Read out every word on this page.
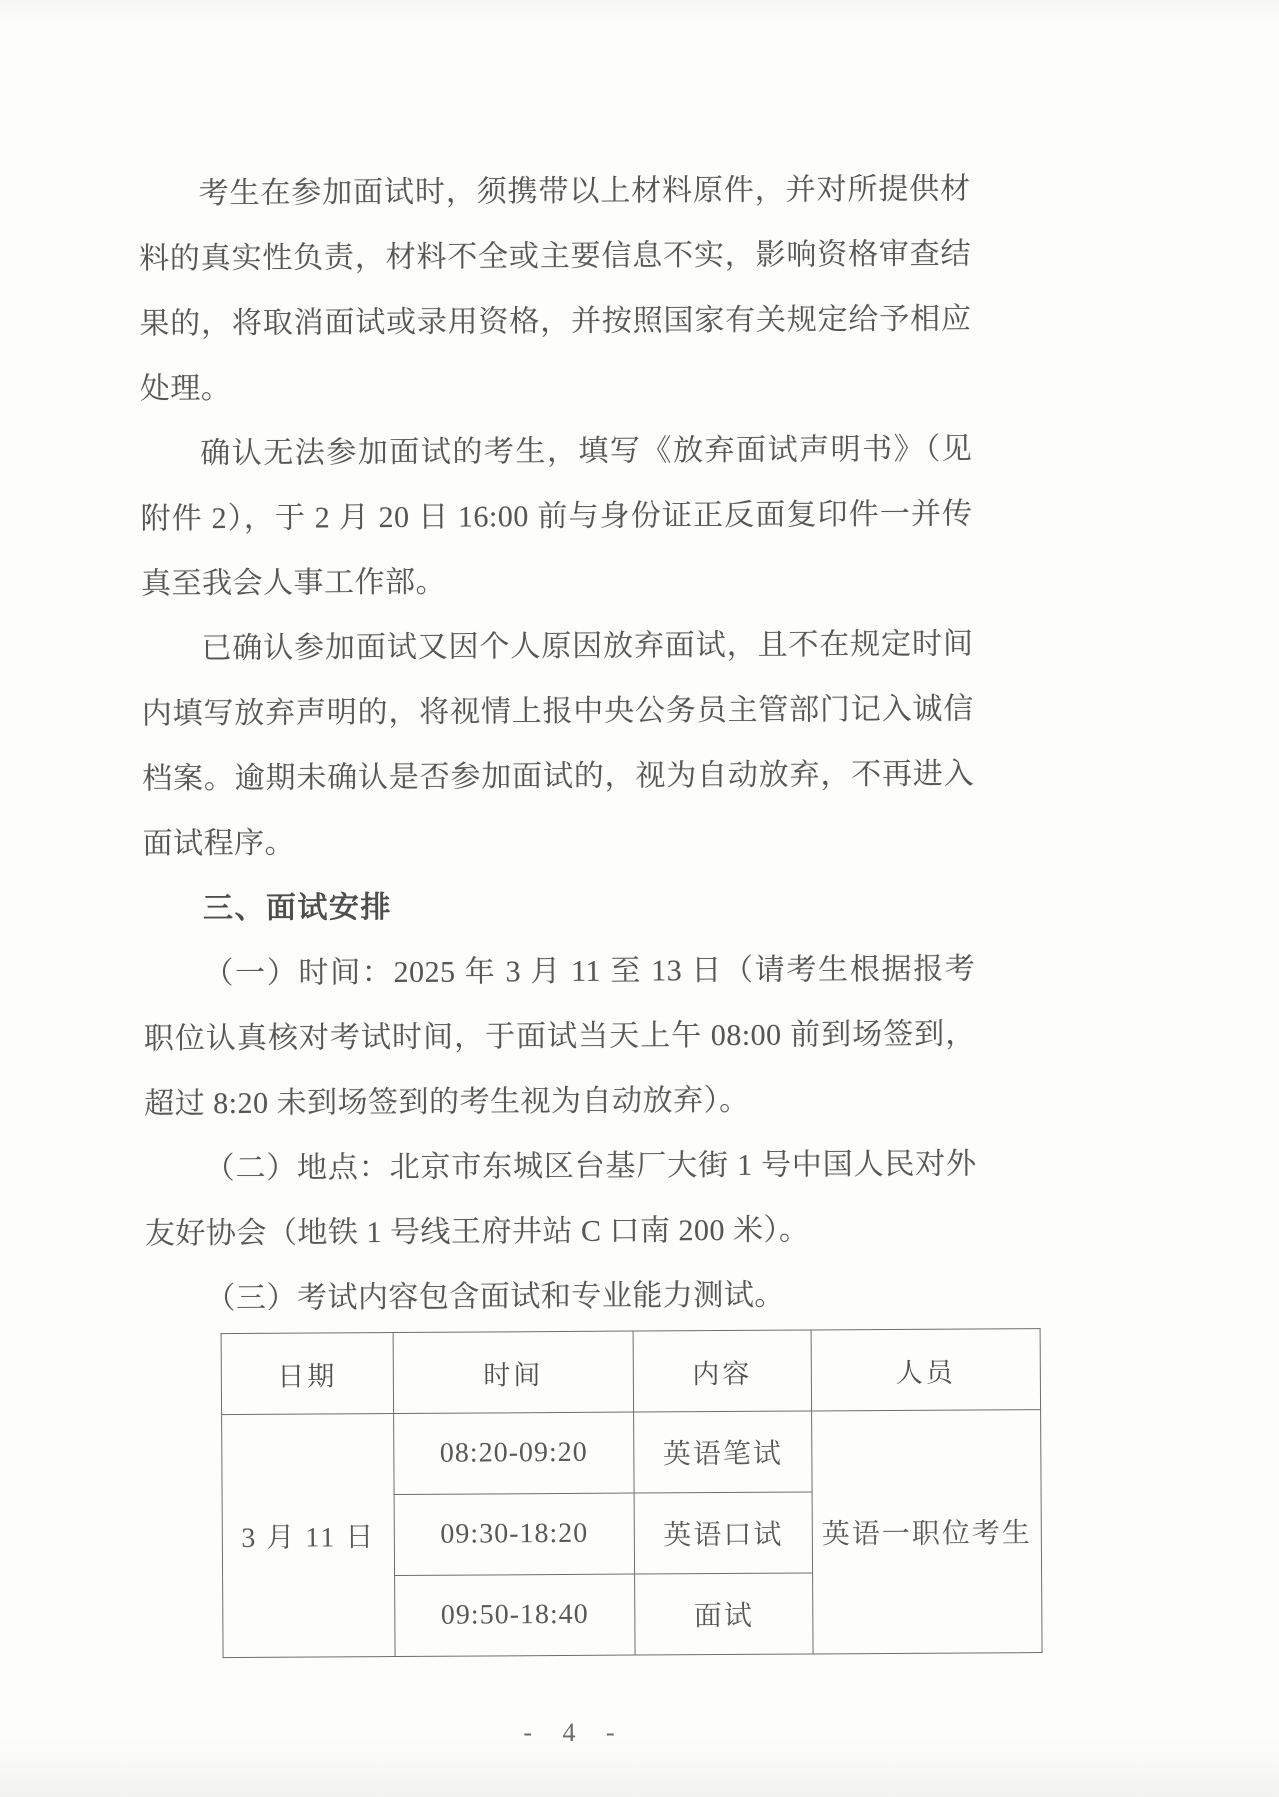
考生在参加面试时，须携带以上材料原件，并对所提供材料的真实性负责，材料不全或主要信息不实，影响资格审查结果的，将取消面试或录用资格，并按照国家有关规定给予相应处理。

确认无法参加面试的考生，填写《放弃面试声明书》（见附件 2），于 2 月 20 日 16:00 前与身份证正反面复印件一并传真至我会人事工作部。

已确认参加面试又因个人原因放弃面试，且不在规定时间内填写放弃声明的，将视情上报中央公务员主管部门记入诚信档案。逾期未确认是否参加面试的，视为自动放弃，不再进入面试程序。

三、面试安排

（一）时间：2025 年 3 月 11 至 13 日（请考生根据报考职位认真核对考试时间，于面试当天上午 08:00 前到场签到，超过 8:20 未到场签到的考生视为自动放弃）。

（二）地点：北京市东城区台基厂大街 1 号中国人民对外友好协会（地铁 1 号线王府井站 C 口南 200 米）。

（三）考试内容包含面试和专业能力测试。

日期	时间	内容	人员
3 月 11 日	08:20-09:20	英语笔试	英语一职位考生
	09:30-18:20	英语口试	
	09:50-18:40	面试	
- 4 -
